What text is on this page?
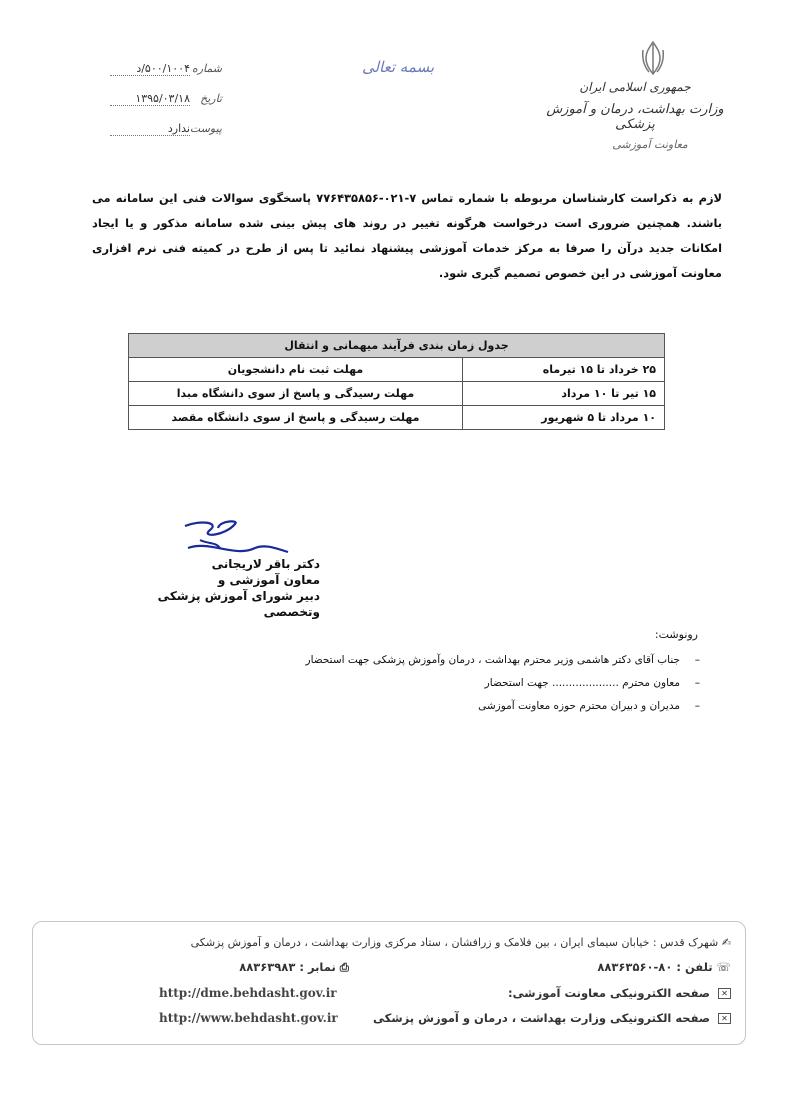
جمهوری اسلامی ایران
وزارت بهداشت، درمان و آموزش پزشکی
معاونت آموزشی
بسمه تعالی
شماره
۵۰۰/۱۰۰۴/د
تاریخ
۱۳۹۵/۰۳/۱۸
پیوست
ندارد
لازم به ذکراست کارشناسان مربوطه با شماره تماس ۷-۰۲۱-۷۷۶۴۳۵۸۵۶ پاسخگوی سوالات فنی این سامانه می باشند. همچنین ضروری است درخواست هرگونه تغییر در روند های پیش بینی شده سامانه مذکور و یا ایجاد امکانات جدید درآن را صرفا به مرکز خدمات آموزشی پیشنهاد نمائید تا پس از طرح در کمیته فنی نرم افزاری معاونت آموزشی در این خصوص تصمیم گیری شود.
جدول زمان بندی فرآیند میهمانی و انتقال	
۲۵ خرداد تا ۱۵ تیرماه	مهلت ثبت نام دانشجویان
۱۵ تیر تا ۱۰ مرداد	مهلت رسیدگی و پاسخ از سوی دانشگاه مبدا
۱۰ مرداد تا ۵ شهریور	مهلت رسیدگی و پاسخ از سوی دانشگاه مقصد
دکتر باقر لاریجانی
معاون آموزشی و
دبیر شورای آموزش پزشکی وتخصصی
رونوشت:
–
جناب آقای دکتر هاشمی وزیر محترم بهداشت ، درمان وآموزش پزشکی جهت استحضار
–
معاون محترم .................... جهت استحضار
–
مدیران و دبیران محترم حوزه معاونت آموزشی
✍ شهرک قدس : خیابان سیمای ایران ، بین فلامک و زرافشان ، ستاد مرکزی وزارت بهداشت ، درمان و آموزش پزشکی
☏ تلفن : ۸۰-۸۸۳۶۳۵۶۰
⎙ نمابر : ۸۸۳۶۳۹۸۳
✕ صفحه الکترونیکی معاونت آموزشی:
http://dme.behdasht.gov.ir
✕ صفحه الکترونیکی وزارت بهداشت ، درمان و آموزش پزشکی
http://www.behdasht.gov.ir
